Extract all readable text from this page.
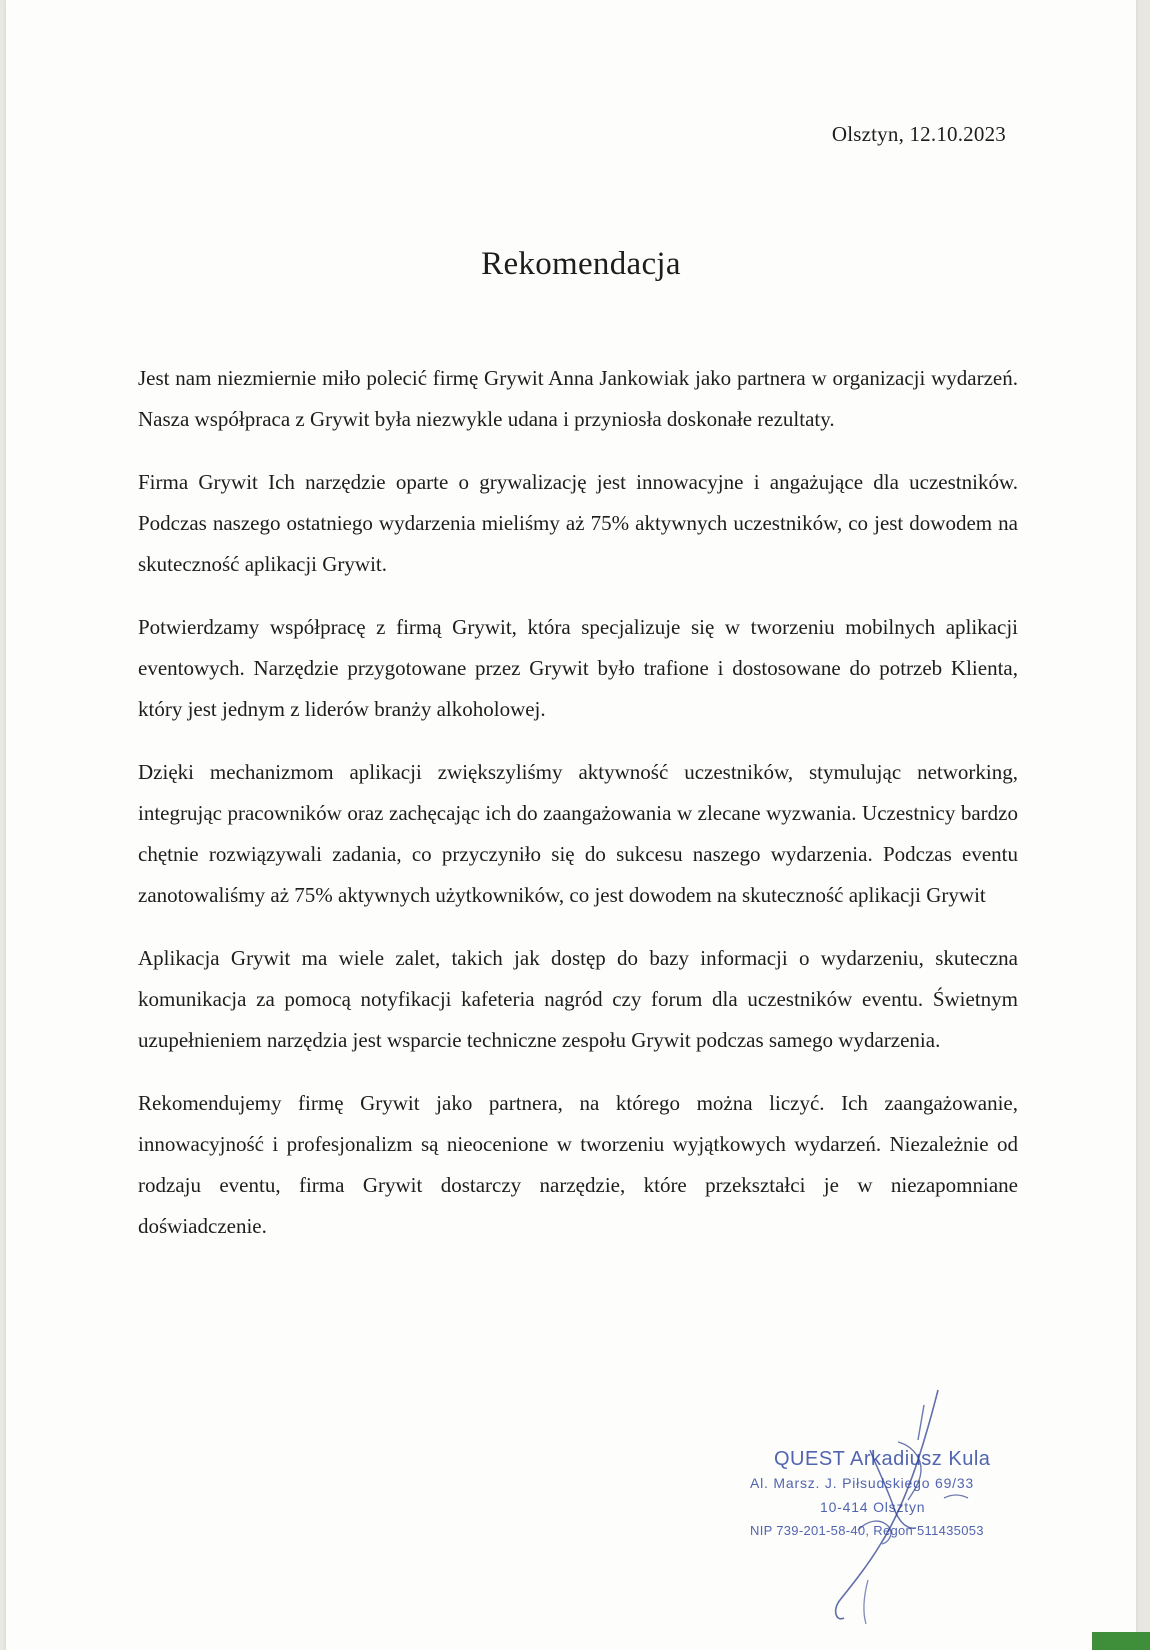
Olsztyn, 12.10.2023
Rekomendacja

Jest nam niezmiernie miło polecić firmę Grywit Anna Jankowiak jako partnera w organizacji wydarzeń. Nasza współpraca z Grywit była niezwykle udana i przyniosła doskonałe rezultaty.

Firma Grywit Ich narzędzie oparte o grywalizację jest innowacyjne i angażujące dla uczestników. Podczas naszego ostatniego wydarzenia mieliśmy aż 75% aktywnych uczestników, co jest dowodem na skuteczność aplikacji Grywit.

Potwierdzamy współpracę z firmą Grywit, która specjalizuje się w tworzeniu mobilnych aplikacji eventowych. Narzędzie przygotowane przez Grywit było trafione i dostosowane do potrzeb Klienta, który jest jednym z liderów branży alkoholowej.

Dzięki mechanizmom aplikacji zwiększyliśmy aktywność uczestników, stymulując networking, integrując pracowników oraz zachęcając ich do zaangażowania w zlecane wyzwania. Uczestnicy bardzo chętnie rozwiązywali zadania, co przyczyniło się do sukcesu naszego wydarzenia. Podczas eventu zanotowaliśmy aż 75% aktywnych użytkowników, co jest dowodem na skuteczność aplikacji Grywit

Aplikacja Grywit ma wiele zalet, takich jak dostęp do bazy informacji o wydarzeniu, skuteczna komunikacja za pomocą notyfikacji kafeteria nagród czy forum dla uczestników eventu. Świetnym uzupełnieniem narzędzia jest wsparcie techniczne zespołu Grywit podczas samego wydarzenia.

Rekomendujemy firmę Grywit jako partnera, na którego można liczyć. Ich zaangażowanie, innowacyjność i profesjonalizm są nieocenione w tworzeniu wyjątkowych wydarzeń. Niezależnie od rodzaju eventu, firma Grywit dostarczy narzędzie, które przekształci je w niezapomniane doświadczenie.

QUEST Arkadiusz Kula
Al. Marsz. J. Piłsudskiego 69/33
10-414 Olsztyn
NIP 739-201-58-40, Regon 511435053
